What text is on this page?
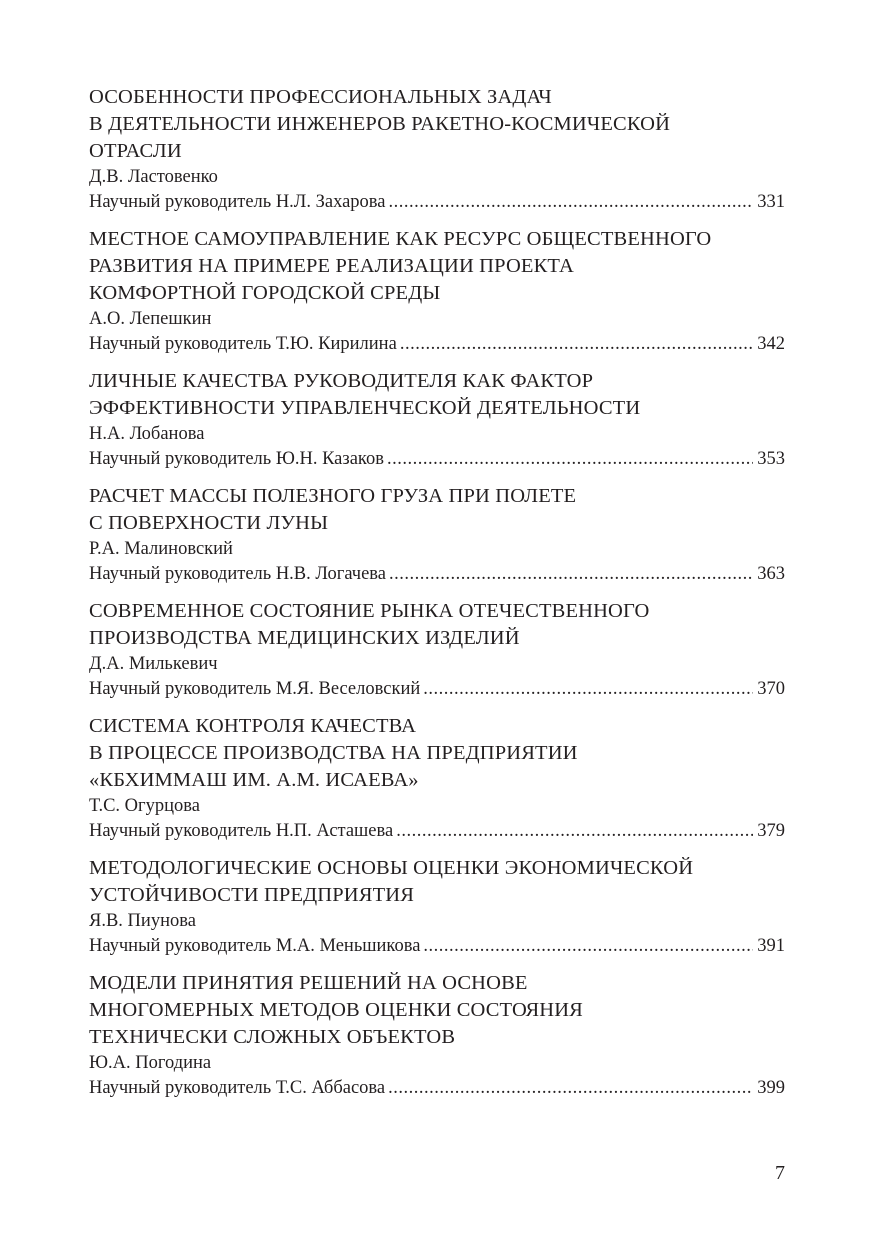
ОСОБЕННОСТИ ПРОФЕССИОНАЛЬНЫХ ЗАДАЧ
В ДЕЯТЕЛЬНОСТИ ИНЖЕНЕРОВ РАКЕТНО-КОСМИЧЕСКОЙ
ОТРАСЛИ
Д.В. Ластовенко
Научный руководитель Н.Л. Захарова .....	331
МЕСТНОЕ САМОУПРАВЛЕНИЕ КАК РЕСУРС ОБЩЕСТВЕННОГО
РАЗВИТИЯ НА ПРИМЕРЕ РЕАЛИЗАЦИИ ПРОЕКТА
КОМФОРТНОЙ ГОРОДСКОЙ СРЕДЫ
А.О. Лепешкин
Научный руководитель Т.Ю. Кирилина .....	342
ЛИЧНЫЕ КАЧЕСТВА РУКОВОДИТЕЛЯ КАК ФАКТОР
ЭФФЕКТИВНОСТИ УПРАВЛЕНЧЕСКОЙ ДЕЯТЕЛЬНОСТИ
Н.А. Лобанова
Научный руководитель Ю.Н. Казаков .....	353
РАСЧЕТ МАССЫ ПОЛЕЗНОГО ГРУЗА ПРИ ПОЛЕТЕ
С ПОВЕРХНОСТИ ЛУНЫ
Р.А. Малиновский
Научный руководитель Н.В. Логачева .....	363
СОВРЕМЕННОЕ СОСТОЯНИЕ РЫНКА ОТЕЧЕСТВЕННОГО
ПРОИЗВОДСТВА МЕДИЦИНСКИХ ИЗДЕЛИЙ
Д.А. Милькевич
Научный руководитель М.Я. Веселовский .....	370
СИСТЕМА КОНТРОЛЯ КАЧЕСТВА
В ПРОЦЕССЕ ПРОИЗВОДСТВА НА ПРЕДПРИЯТИИ
«КБХИММАШ ИМ. А.М. ИСАЕВА»
Т.С. Огурцова
Научный руководитель Н.П. Асташева .....	379
МЕТОДОЛОГИЧЕСКИЕ ОСНОВЫ ОЦЕНКИ ЭКОНОМИЧЕСКОЙ
УСТОЙЧИВОСТИ ПРЕДПРИЯТИЯ
Я.В. Пиунова
Научный руководитель М.А. Меньшикова .....	391
МОДЕЛИ ПРИНЯТИЯ РЕШЕНИЙ НА ОСНОВЕ
МНОГОМЕРНЫХ МЕТОДОВ ОЦЕНКИ СОСТОЯНИЯ
ТЕХНИЧЕСКИ СЛОЖНЫХ ОБЪЕКТОВ
Ю.А. Погодина
Научный руководитель Т.С. Аббасова .....	399
7
